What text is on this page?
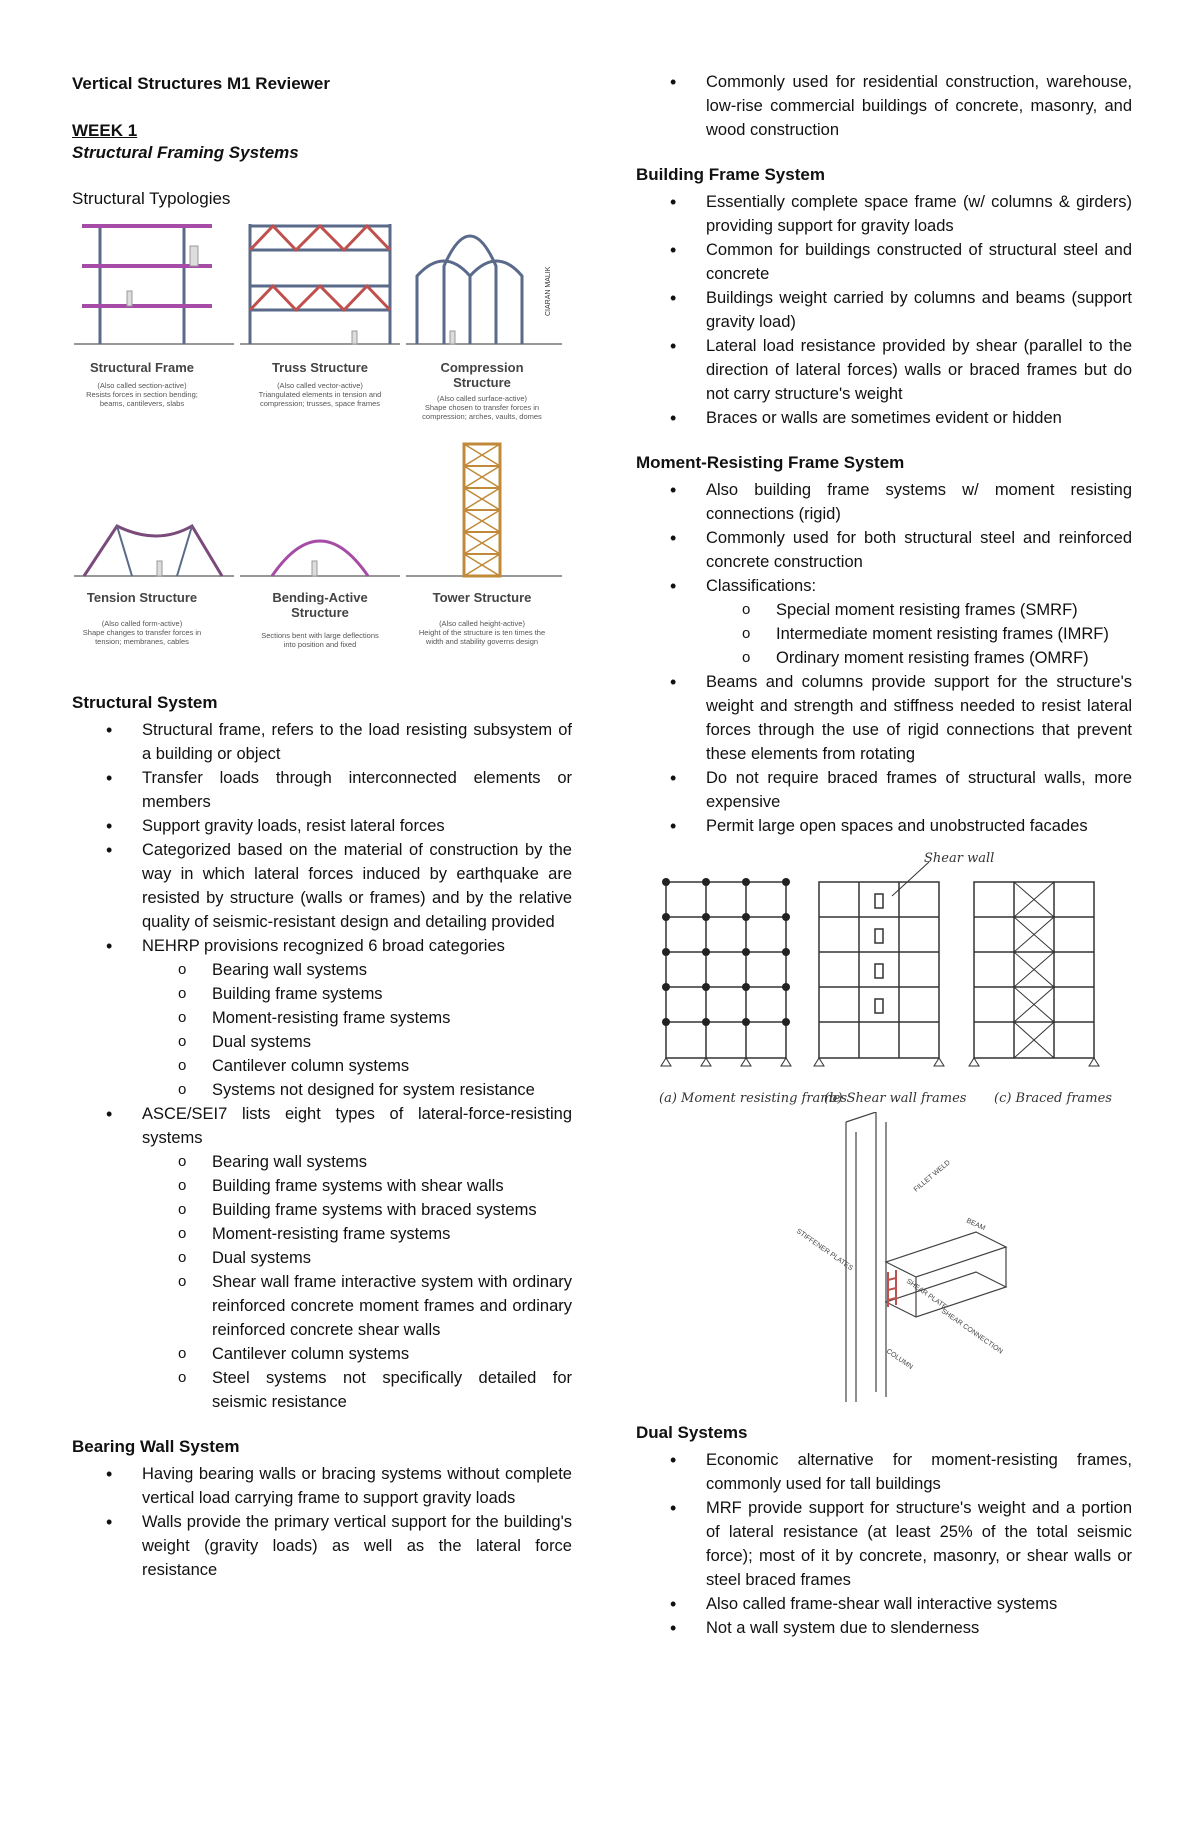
Vertical Structures M1 Reviewer
WEEK 1
Structural Framing Systems
Structural Typologies
Structural Frame
(Also called section-active)
Resists forces in section bending;
beams, cantilevers, slabs
Truss Structure
(Also called vector-active)
Triangulated elements in tension and
compression; trusses, space frames
CIARAN MALIK
Compression
Structure
(Also called surface-active)
Shape chosen to transfer forces in
compression; arches, vaults, domes
Tension Structure
(Also called form-active)
Shape changes to transfer forces in
tension; membranes, cables
Bending-Active
Structure
Sections bent with large deflections
into position and fixed
Tower Structure
(Also called height-active)
Height of the structure is ten times the
width and stability governs design
Structural System
• Structural frame, refers to the load resisting subsystem of a building or object
• Transfer loads through interconnected elements or members
• Support gravity loads, resist lateral forces
• Categorized based on the material of construction by the way in which lateral forces induced by earthquake are resisted by structure (walls or frames) and by the relative quality of seismic-resistant design and detailing provided
• NEHRP provisions recognized 6 broad categories
o Bearing wall systems
o Building frame systems
o Moment-resisting frame systems
o Dual systems
o Cantilever column systems
o Systems not designed for system resistance
• ASCE/SEI7 lists eight types of lateral-force-resisting systems
o Bearing wall systems
o Building frame systems with shear walls
o Building frame systems with braced systems
o Moment-resisting frame systems
o Dual systems
o Shear wall frame interactive system with ordinary reinforced concrete moment frames and ordinary reinforced concrete shear walls
o Cantilever column systems
o Steel systems not specifically detailed for seismic resistance
Bearing Wall System
• Having bearing walls or bracing systems without complete vertical load carrying frame to support gravity loads
• Walls provide the primary vertical support for the building's weight (gravity loads) as well as the lateral force resistance
• Commonly used for residential construction, warehouse, low-rise commercial buildings of concrete, masonry, and wood construction
Building Frame System
• Essentially complete space frame (w/ columns & girders) providing support for gravity loads
• Common for buildings constructed of structural steel and concrete
• Buildings weight carried by columns and beams (support gravity load)
• Lateral load resistance provided by shear (parallel to the direction of lateral forces) walls or braced frames but do not carry structure's weight
• Braces or walls are sometimes evident or hidden
Moment-Resisting Frame System
• Also building frame systems w/ moment resisting connections (rigid)
• Commonly used for both structural steel and reinforced concrete construction
• Classifications:
o Special moment resisting frames (SMRF)
o Intermediate moment resisting frames (IMRF)
o Ordinary moment resisting frames (OMRF)
• Beams and columns provide support for the structure's weight and strength and stiffness needed to resist lateral forces through the use of rigid connections that prevent these elements from rotating
• Do not require braced frames of structural walls, more expensive
• Permit large open spaces and unobstructed facades
(a) Moment resisting frames
Shear wall
(b) Shear wall frames (c) Braced frames
STIFFENER PLATES
FILLET WELD
SHEAR PLATE
COLUMN
BEAM
SHEAR CONNECTION
Dual Systems
• Economic alternative for moment-resisting frames, commonly used for tall buildings
• MRF provide support for structure's weight and a portion of lateral resistance (at least 25% of the total seismic force); most of it by concrete, masonry, or shear walls or steel braced frames
• Also called frame-shear wall interactive systems
• Not a wall system due to slenderness
